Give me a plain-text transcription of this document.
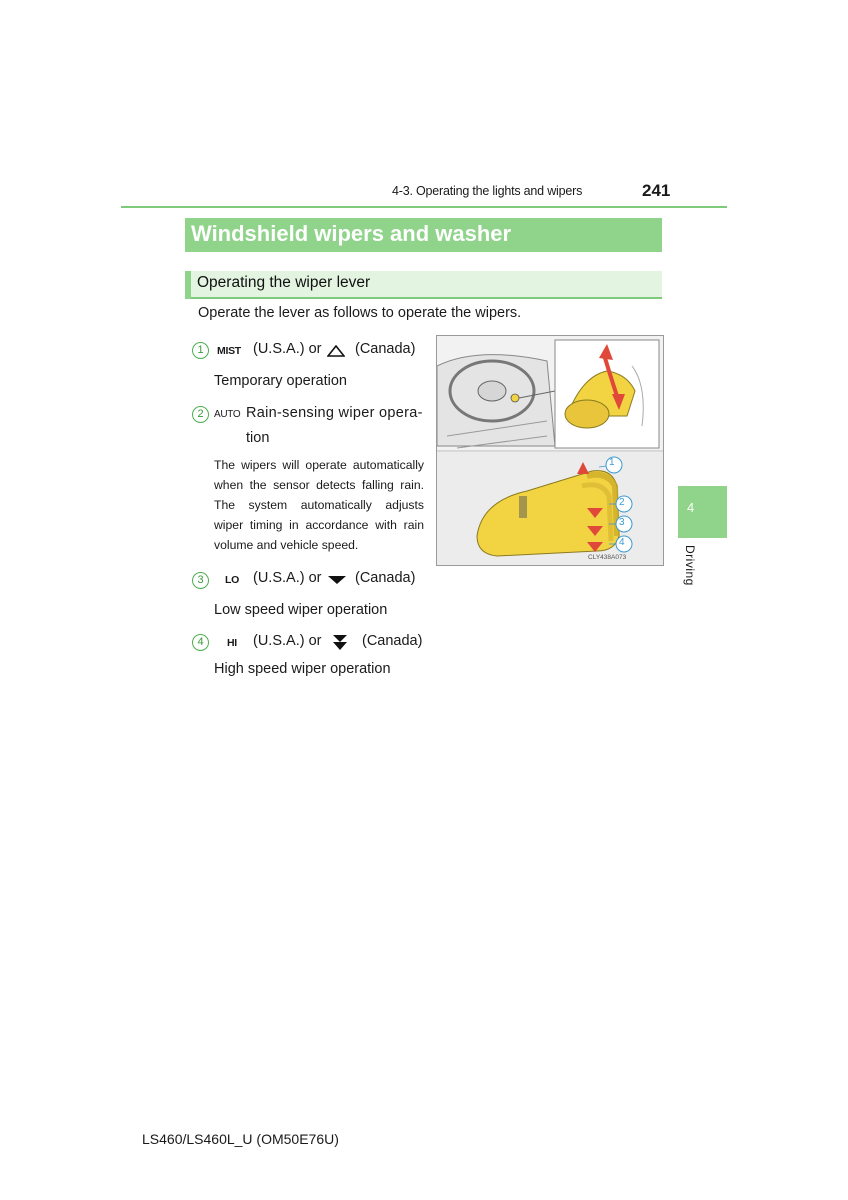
4-3. Operating the lights and wipers	241
Windshield wipers and washer
Operating the wiper lever
Operate the lever as follows to operate the wipers.
1	MIST (U.S.A.) or (Canada)
Temporary operation
2	AUTO Rain-sensing wiper opera-
tion
The wipers will operate automatically when the sensor detects falling rain. The system automatically adjusts wiper timing in accordance with rain volume and vehicle speed.
3	LO (U.S.A.) or (Canada)
Low speed wiper operation
4	HI (U.S.A.) or	(Canada)
High speed wiper operation
1
2
3
4
CLY438A073
4
Driving
LS460/LS460L_U (OM50E76U)
